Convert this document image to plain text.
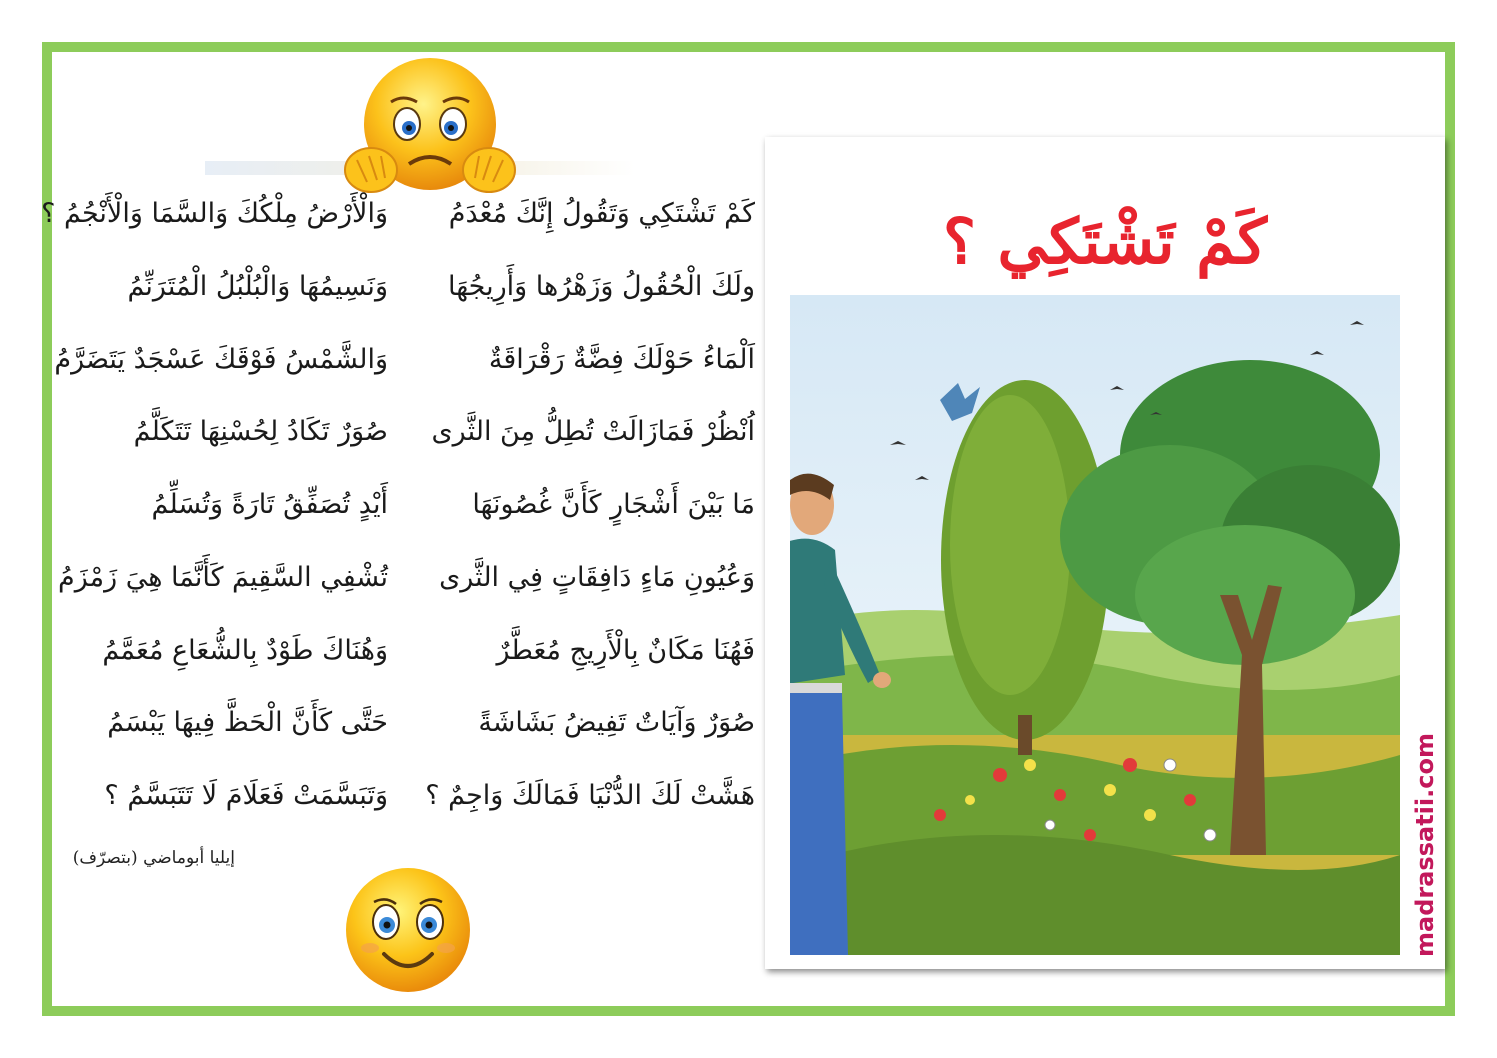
كَمْ تَشْتَكِي وَتَقُولُ إِنَّكَ مُعْدَمُ
ولَكَ الْحُقُولُ وَزَهْرُها وَأَرِيجُهَا
اَلْمَاءُ حَوْلَكَ فِضَّةٌ رَقْرَاقَةٌ
اُنْظُرْ فَمَازَالَتْ تُطِلُّ مِنَ الثَّرى
مَا بَيْنَ أَشْجَارٍ كَأَنَّ غُصُونَهَا
وَعُيُونِ مَاءٍ دَافِقَاتٍ فِي الثَّرى
فَهُنَا مَكَانٌ بِالْأَرِيجِ مُعَطَّرٌ
صُوَرٌ وَآيَاتٌ تَفِيضُ بَشَاشَةً
هَشَّتْ لَكَ الدُّنْيَا فَمَالَكَ وَاجِمٌ ؟
وَالْأَرْضُ مِلْكُكَ وَالسَّمَا وَالْأَنْجُمُ ؟
وَنَسِيمُهَا وَالْبُلْبُلُ الْمُتَرَنِّمُ
وَالشَّمْسُ فَوْقَكَ عَسْجَدٌ يَتَضَرَّمُ
صُوَرٌ تَكَادُ لِحُسْنِهَا تَتَكَلَّمُ
أَيْدٍ تُصَفِّقُ تَارَةً وَتُسَلِّمُ
تُشْفِي السَّقِيمَ كَأَنَّمَا هِيَ زَمْزَمُ
وَهُنَاكَ طَوْدٌ بِالشُّعَاعِ مُعَمَّمُ
حَتَّى كَأَنَّ الْحَظَّ فِيهَا يَبْسَمُ
وَتَبَسَّمَتْ فَعَلَامَ لَا تَتَبَسَّمُ ؟
إيليا أبوماضي (بتصرّف)
كَمْ تَشْتَكِي ؟
madrassatii.com
